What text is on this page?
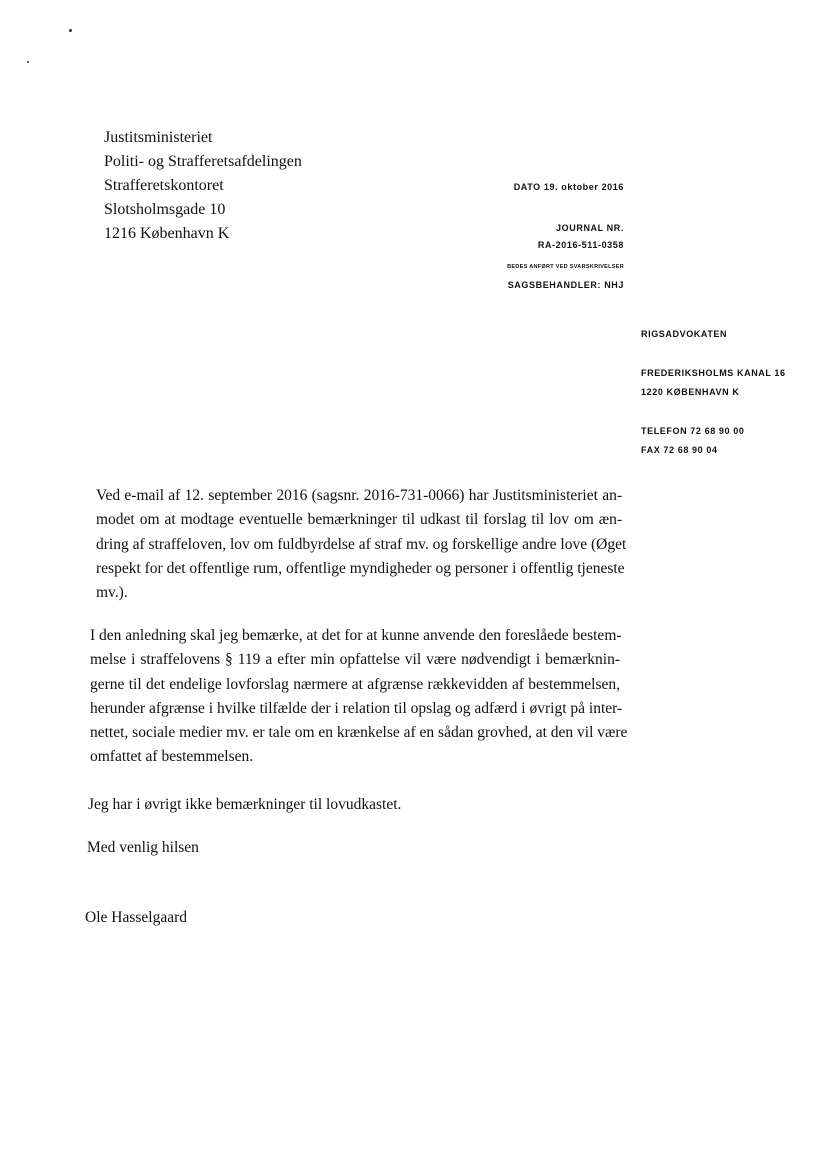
Justitsministeriet
Politi- og Strafferetsafdelingen
Strafferetskontoret
Slotsholmsgade 10
1216 København K
DATO 19. oktober 2016
JOURNAL NR.
RA-2016-511-0358
BEDES ANFØRT VED SVARSKRIVELSER
SAGSBEHANDLER: NHJ
RIGSADVOKATEN
FREDERIKSHOLMS KANAL 16
1220 KØBENHAVN K
TELEFON 72 68 90 00
FAX 72 68 90 04
Ved e-mail af 12. september 2016 (sagsnr. 2016-731-0066) har Justitsministeriet an-
modet om at modtage eventuelle bemærkninger til udkast til forslag til lov om æn-
dring af straffeloven, lov om fuldbyrdelse af straf mv. og forskellige andre love (Øget
respekt for det offentlige rum, offentlige myndigheder og personer i offentlig tjeneste
mv.).
I den anledning skal jeg bemærke, at det for at kunne anvende den foreslåede bestem-
melse i straffelovens § 119 a efter min opfattelse vil være nødvendigt i bemærknin-
gerne til det endelige lovforslag nærmere at afgrænse rækkevidden af bestemmelsen,
herunder afgrænse i hvilke tilfælde der i relation til opslag og adfærd i øvrigt på inter-
nettet, sociale medier mv. er tale om en krænkelse af en sådan grovhed, at den vil være
omfattet af bestemmelsen.
Jeg har i øvrigt ikke bemærkninger til lovudkastet.
Med venlig hilsen
Ole Hasselgaard
